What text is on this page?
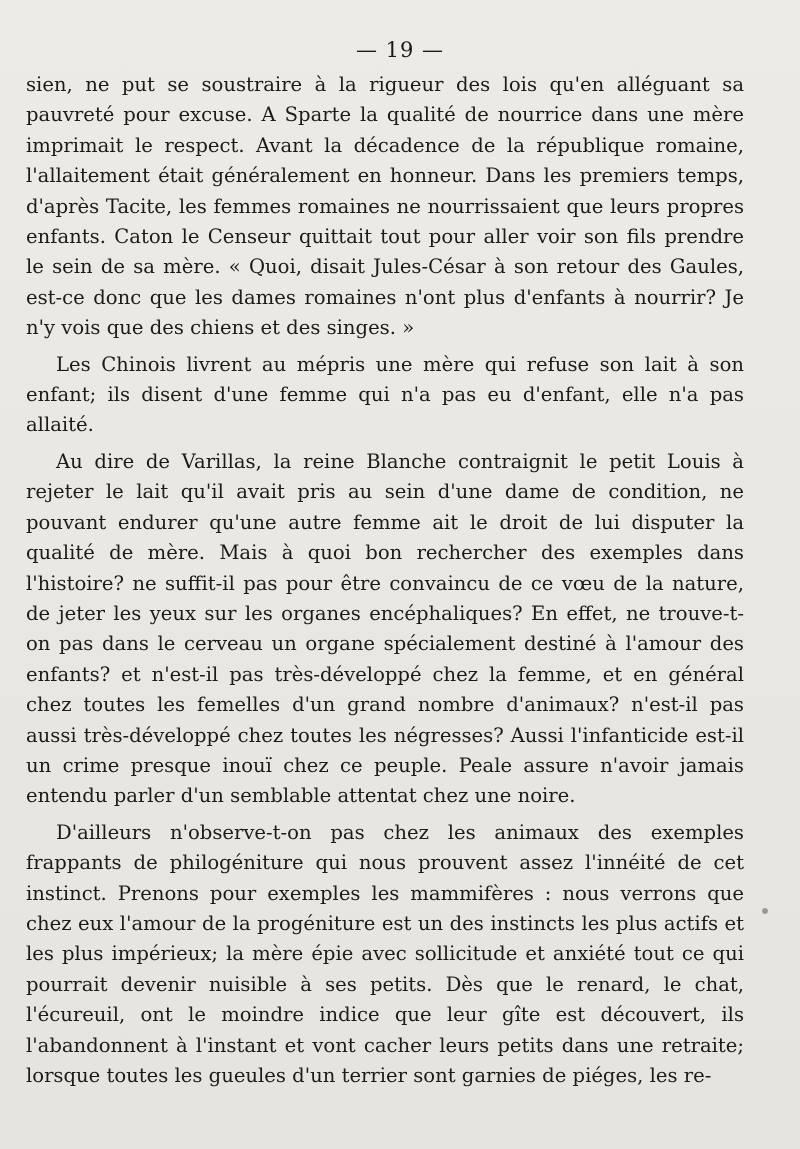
— 19 —

sien, ne put se soustraire à la rigueur des lois qu'en alléguant sa pauvreté pour excuse. A Sparte la qualité de nourrice dans une mère imprimait le respect. Avant la décadence de la république romaine, l'allaitement était généralement en honneur. Dans les premiers temps, d'après Tacite, les femmes romaines ne nourrissaient que leurs propres enfants. Caton le Censeur quittait tout pour aller voir son fils prendre le sein de sa mère. « Quoi, disait Jules-César à son retour des Gaules, est-ce donc que les dames romaines n'ont plus d'enfants à nourrir? Je n'y vois que des chiens et des singes. »

Les Chinois livrent au mépris une mère qui refuse son lait à son enfant; ils disent d'une femme qui n'a pas eu d'enfant, elle n'a pas allaité.

Au dire de Varillas, la reine Blanche contraignit le petit Louis à rejeter le lait qu'il avait pris au sein d'une dame de condition, ne pouvant endurer qu'une autre femme ait le droit de lui disputer la qualité de mère. Mais à quoi bon rechercher des exemples dans l'histoire? ne suffit-il pas pour être convaincu de ce vœu de la nature, de jeter les yeux sur les organes encéphaliques? En effet, ne trouve-t-on pas dans le cerveau un organe spécialement destiné à l'amour des enfants? et n'est-il pas très-développé chez la femme, et en général chez toutes les femelles d'un grand nombre d'animaux? n'est-il pas aussi très-développé chez toutes les négresses? Aussi l'infanticide est-il un crime presque inouï chez ce peuple. Peale assure n'avoir jamais entendu parler d'un semblable attentat chez une noire.

D'ailleurs n'observe-t-on pas chez les animaux des exemples frappants de philogéniture qui nous prouvent assez l'innéité de cet instinct. Prenons pour exemples les mammifères : nous verrons que chez eux l'amour de la progéniture est un des instincts les plus actifs et les plus impérieux; la mère épie avec sollicitude et anxiété tout ce qui pourrait devenir nuisible à ses petits. Dès que le renard, le chat, l'écureuil, ont le moindre indice que leur gîte est découvert, ils l'abandonnent à l'instant et vont cacher leurs petits dans une retraite; lorsque toutes les gueules d'un terrier sont garnies de piéges, les re-
